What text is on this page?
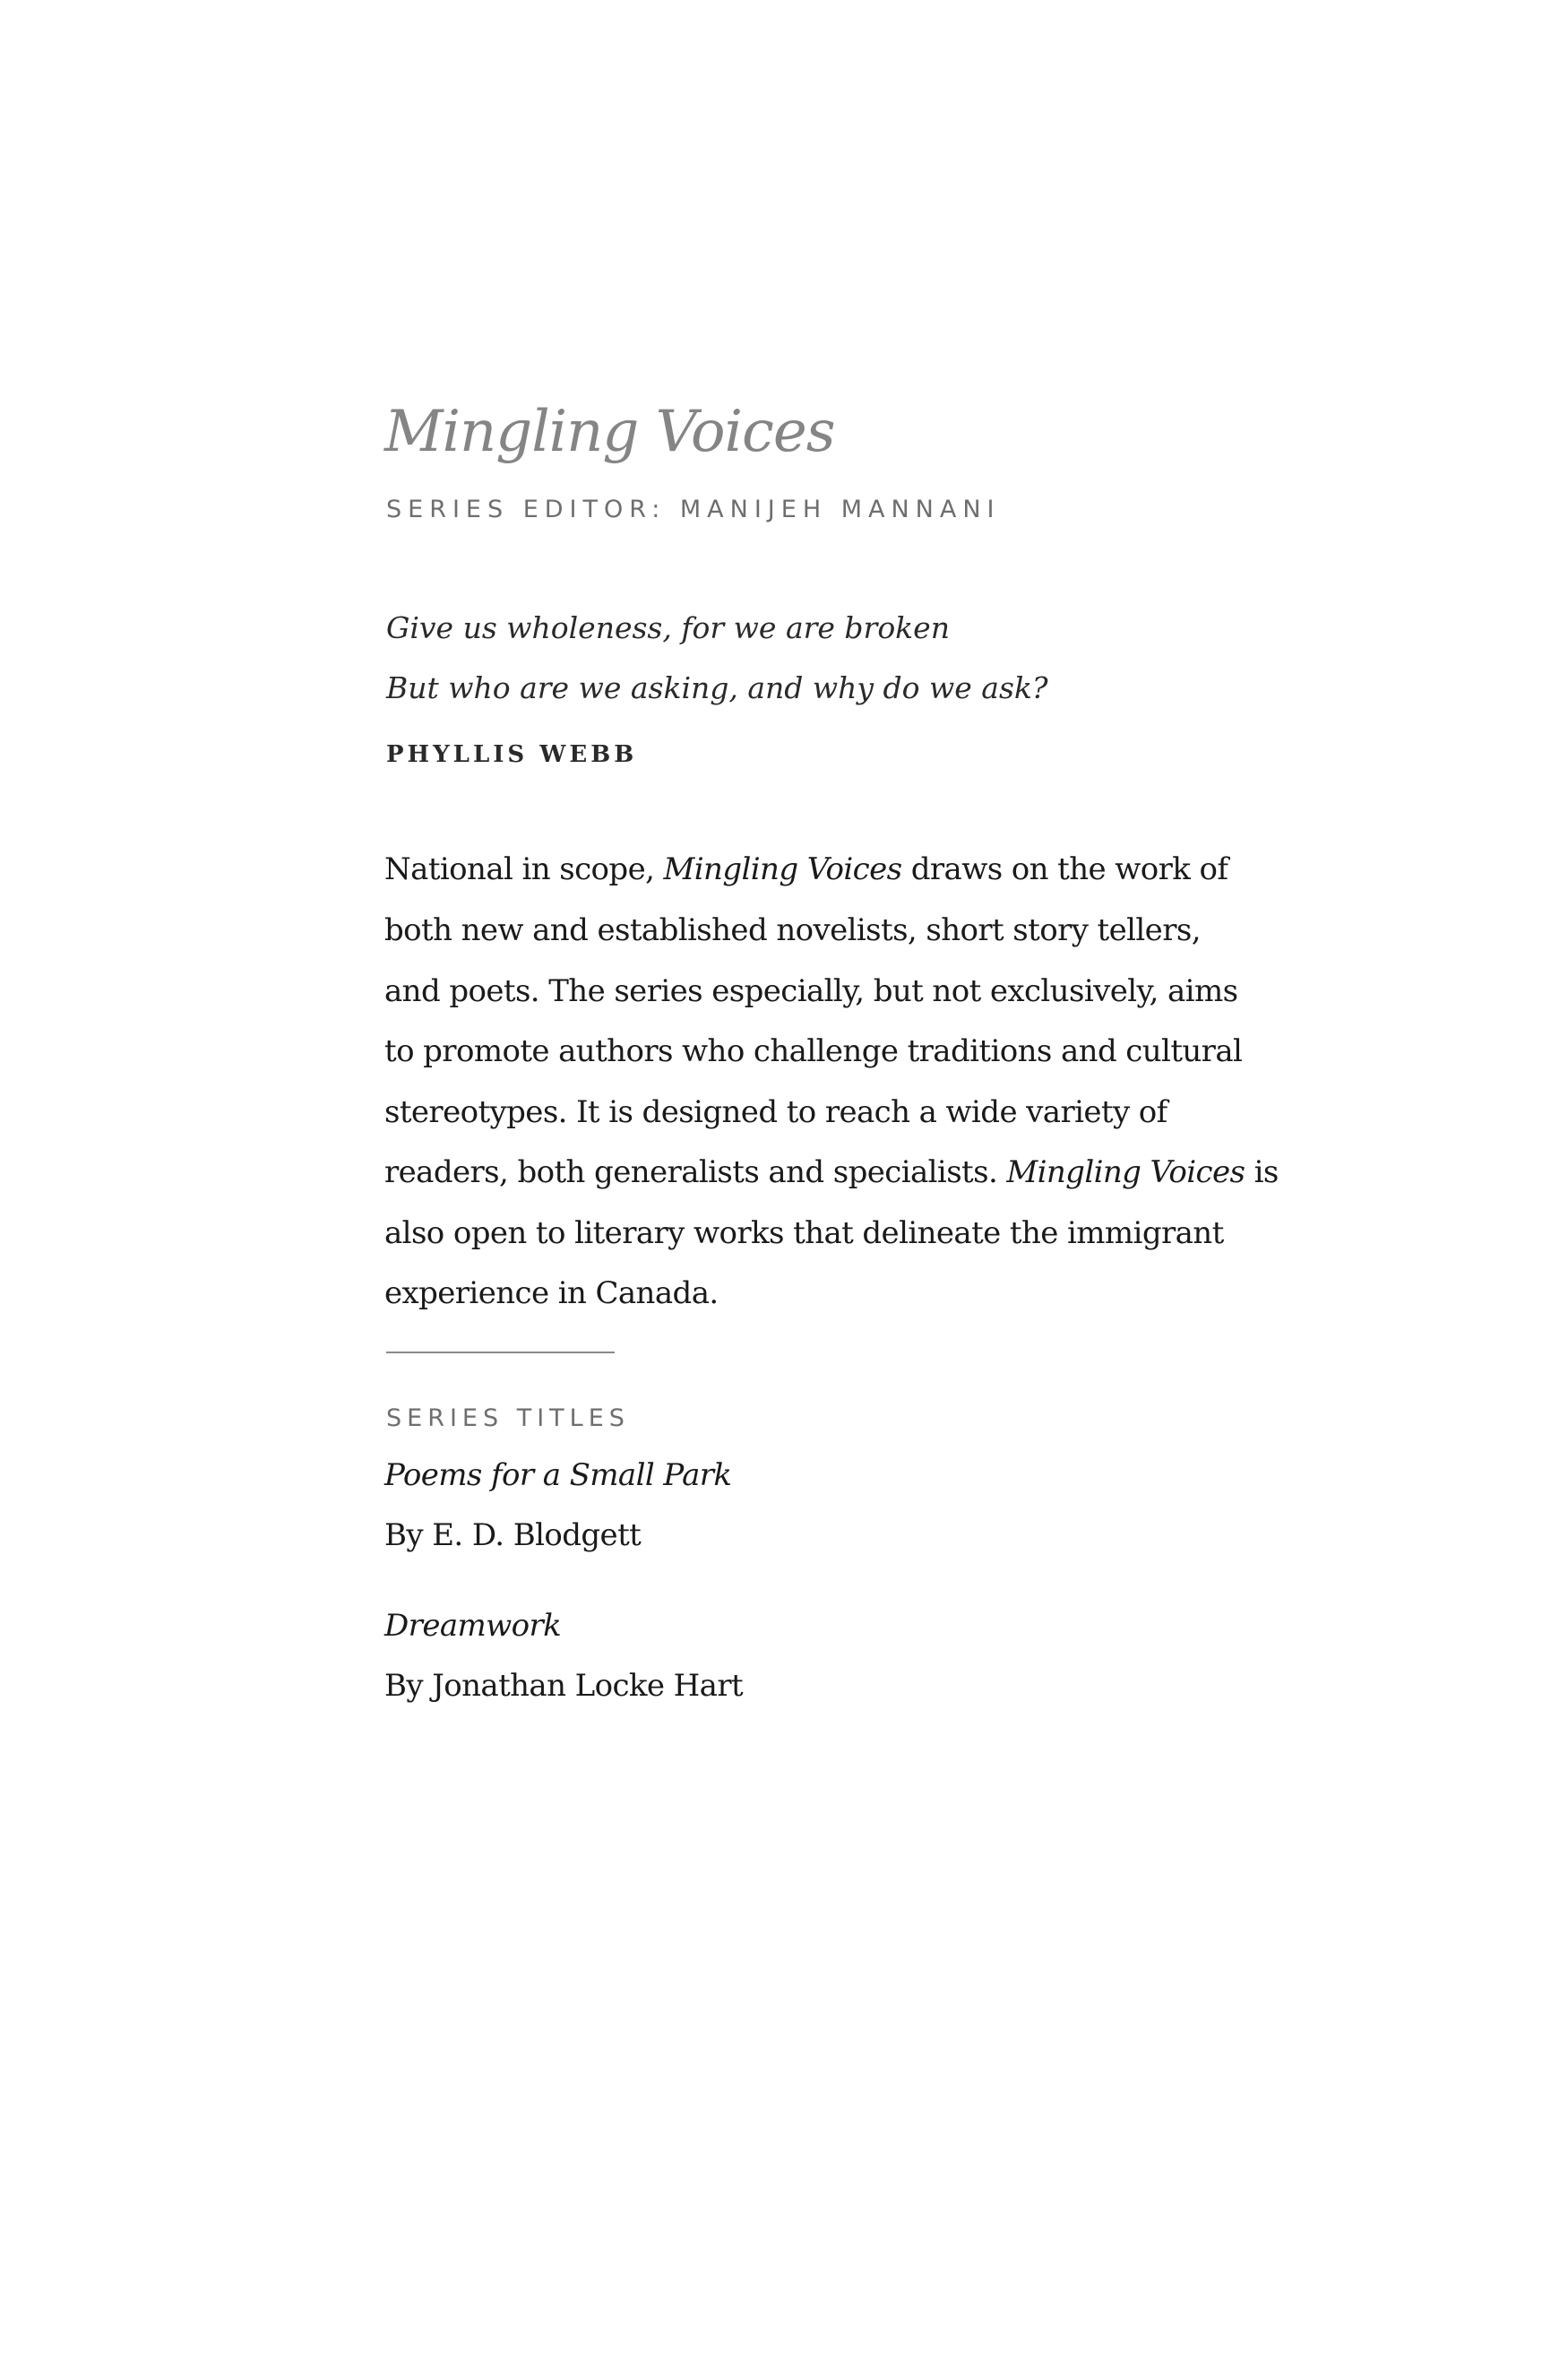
Mingling Voices
SERIES EDITOR: MANIJEH MANNANI
Give us wholeness, for we are broken
But who are we asking, and why do we ask?
PHYLLIS WEBB
National in scope, Mingling Voices draws on the work of
both new and established novelists, short story tellers,
and poets. The series especially, but not exclusively, aims
to promote authors who challenge traditions and cultural
stereotypes. It is designed to reach a wide variety of
readers, both generalists and specialists. Mingling Voices is
also open to literary works that delineate the immigrant
experience in Canada.
SERIES TITLES
Poems for a Small Park
By E. D. Blodgett
Dreamwork
By Jonathan Locke Hart
